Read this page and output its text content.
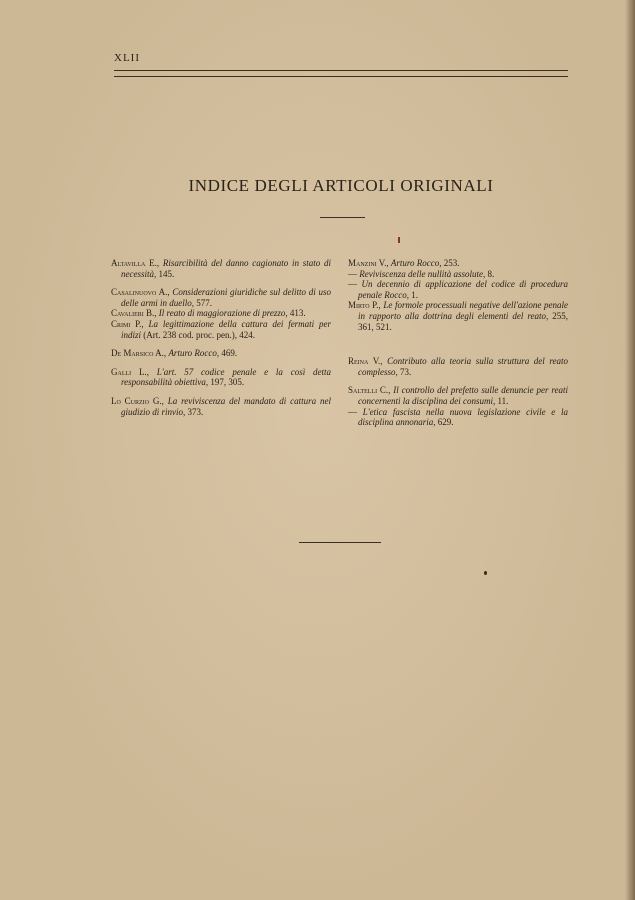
XLII
INDICE DEGLI ARTICOLI ORIGINALI
Altavilla E., Risarcibilità del danno cagionato in stato di necessità, 145.
Casalinuovo A., Considerazioni giuridiche sul delitto di uso delle armi in duello, 577.
Cavalieri B., Il reato di maggiorazione di prezzo, 413.
Crimi P., La legittimazione della cattura dei fermati per indizi (Art. 238 cod. proc. pen.), 424.
De Marsico A., Arturo Rocco, 469.
Galli L., L'art. 57 codice penale e la così detta responsabilità obiettiva, 197, 305.
Lo Curzio G., La reviviscenza del mandato di cattura nel giudizio di rinvio, 373.
Manzini V., Arturo Rocco, 253.
— Reviviscenza delle nullità assolute, 8.
— Un decennio di applicazione del codice di procedura penale Rocco, 1.
Mirto P., Le formole processuali negative dell'azione penale in rapporto alla dottrina degli elementi del reato, 255, 361, 521.
Reina V., Contributo alla teoria sulla struttura del reato complesso, 73.
Saltelli C., Il controllo del prefetto sulle denuncie per reati concernenti la disciplina dei consumi, 11.
— L'etica fascista nella nuova legislazione civile e la disciplina annonaria, 629.
